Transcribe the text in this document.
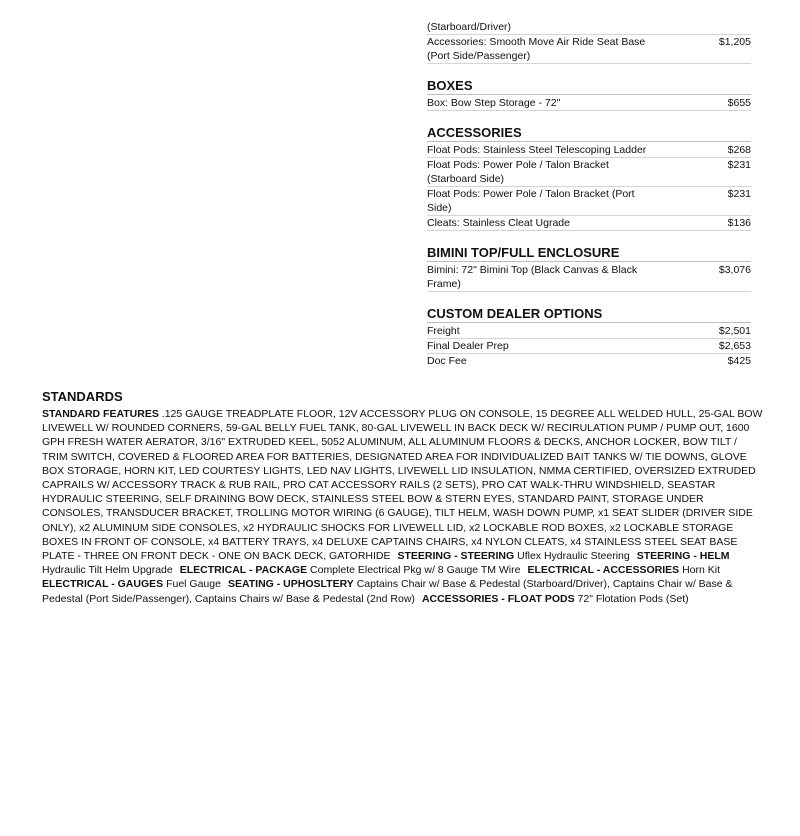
(Starboard/Driver)
Accessories: Smooth Move Air Ride Seat Base (Port Side/Passenger)
$1,205
BOXES
Box: Bow Step Storage - 72"	$655
ACCESSORIES
Float Pods: Stainless Steel Telescoping Ladder	$268
Float Pods: Power Pole / Talon Bracket (Starboard Side)
$231
Float Pods: Power Pole / Talon Bracket (Port Side)
$231
Cleats: Stainless Cleat Ugrade	$136
BIMINI TOP/FULL ENCLOSURE
Bimini: 72" Bimini Top (Black Canvas & Black Frame)
$3,076
CUSTOM DEALER OPTIONS
Freight	$2,501
Final Dealer Prep	$2,653
Doc Fee	$425
STANDARDS
STANDARD FEATURES .125 GAUGE TREADPLATE FLOOR, 12V ACCESSORY PLUG ON CONSOLE, 15 DEGREE ALL WELDED HULL, 25-GAL BOW LIVEWELL W/ ROUNDED CORNERS, 59-GAL BELLY FUEL TANK, 80-GAL LIVEWELL IN BACK DECK W/ RECIRULATION PUMP / PUMP OUT, 1600 GPH FRESH WATER AERATOR, 3/16" EXTRUDED KEEL, 5052 ALUMINUM, ALL ALUMINUM FLOORS & DECKS, ANCHOR LOCKER, BOW TILT / TRIM SWITCH, COVERED & FLOORED AREA FOR BATTERIES, DESIGNATED AREA FOR INDIVIDUALIZED BAIT TANKS W/ TIE DOWNS, GLOVE BOX STORAGE, HORN KIT, LED COURTESY LIGHTS, LED NAV LIGHTS, LIVEWELL LID INSULATION, NMMA CERTIFIED, OVERSIZED EXTRUDED CAPRAILS W/ ACCESSORY TRACK & RUB RAIL, PRO CAT ACCESSORY RAILS (2 SETS), PRO CAT WALK-THRU WINDSHIELD, SEASTAR HYDRAULIC STEERING, SELF DRAINING BOW DECK, STAINLESS STEEL BOW & STERN EYES, STANDARD PAINT, STORAGE UNDER CONSOLES, TRANSDUCER BRACKET, TROLLING MOTOR WIRING (6 GAUGE), TILT HELM, WASH DOWN PUMP, x1 SEAT SLIDER (DRIVER SIDE ONLY), x2 ALUMINUM SIDE CONSOLES, x2 HYDRAULIC SHOCKS FOR LIVEWELL LID, x2 LOCKABLE ROD BOXES, x2 LOCKABLE STORAGE BOXES IN FRONT OF CONSOLE, x4 BATTERY TRAYS, x4 DELUXE CAPTAINS CHAIRS, x4 NYLON CLEATS, x4 STAINLESS STEEL SEAT BASE PLATE - THREE ON FRONT DECK - ONE ON BACK DECK, GATORHIDE STEERING - STEERING Uflex Hydraulic Steering STEERING - HELM Hydraulic Tilt Helm Upgrade ELECTRICAL - PACKAGE Complete Electrical Pkg w/ 8 Gauge TM Wire ELECTRICAL - ACCESSORIES Horn KitELECTRICAL - GAUGES Fuel Gauge SEATING - UPHOSLTERY Captains Chair w/ Base & Pedestal (Starboard/Driver), Captains Chair w/ Base & Pedestal (Port Side/Passenger), Captains Chairs w/ Base & Pedestal (2nd Row) ACCESSORIES - FLOAT PODS 72" Flotation Pods (Set)
